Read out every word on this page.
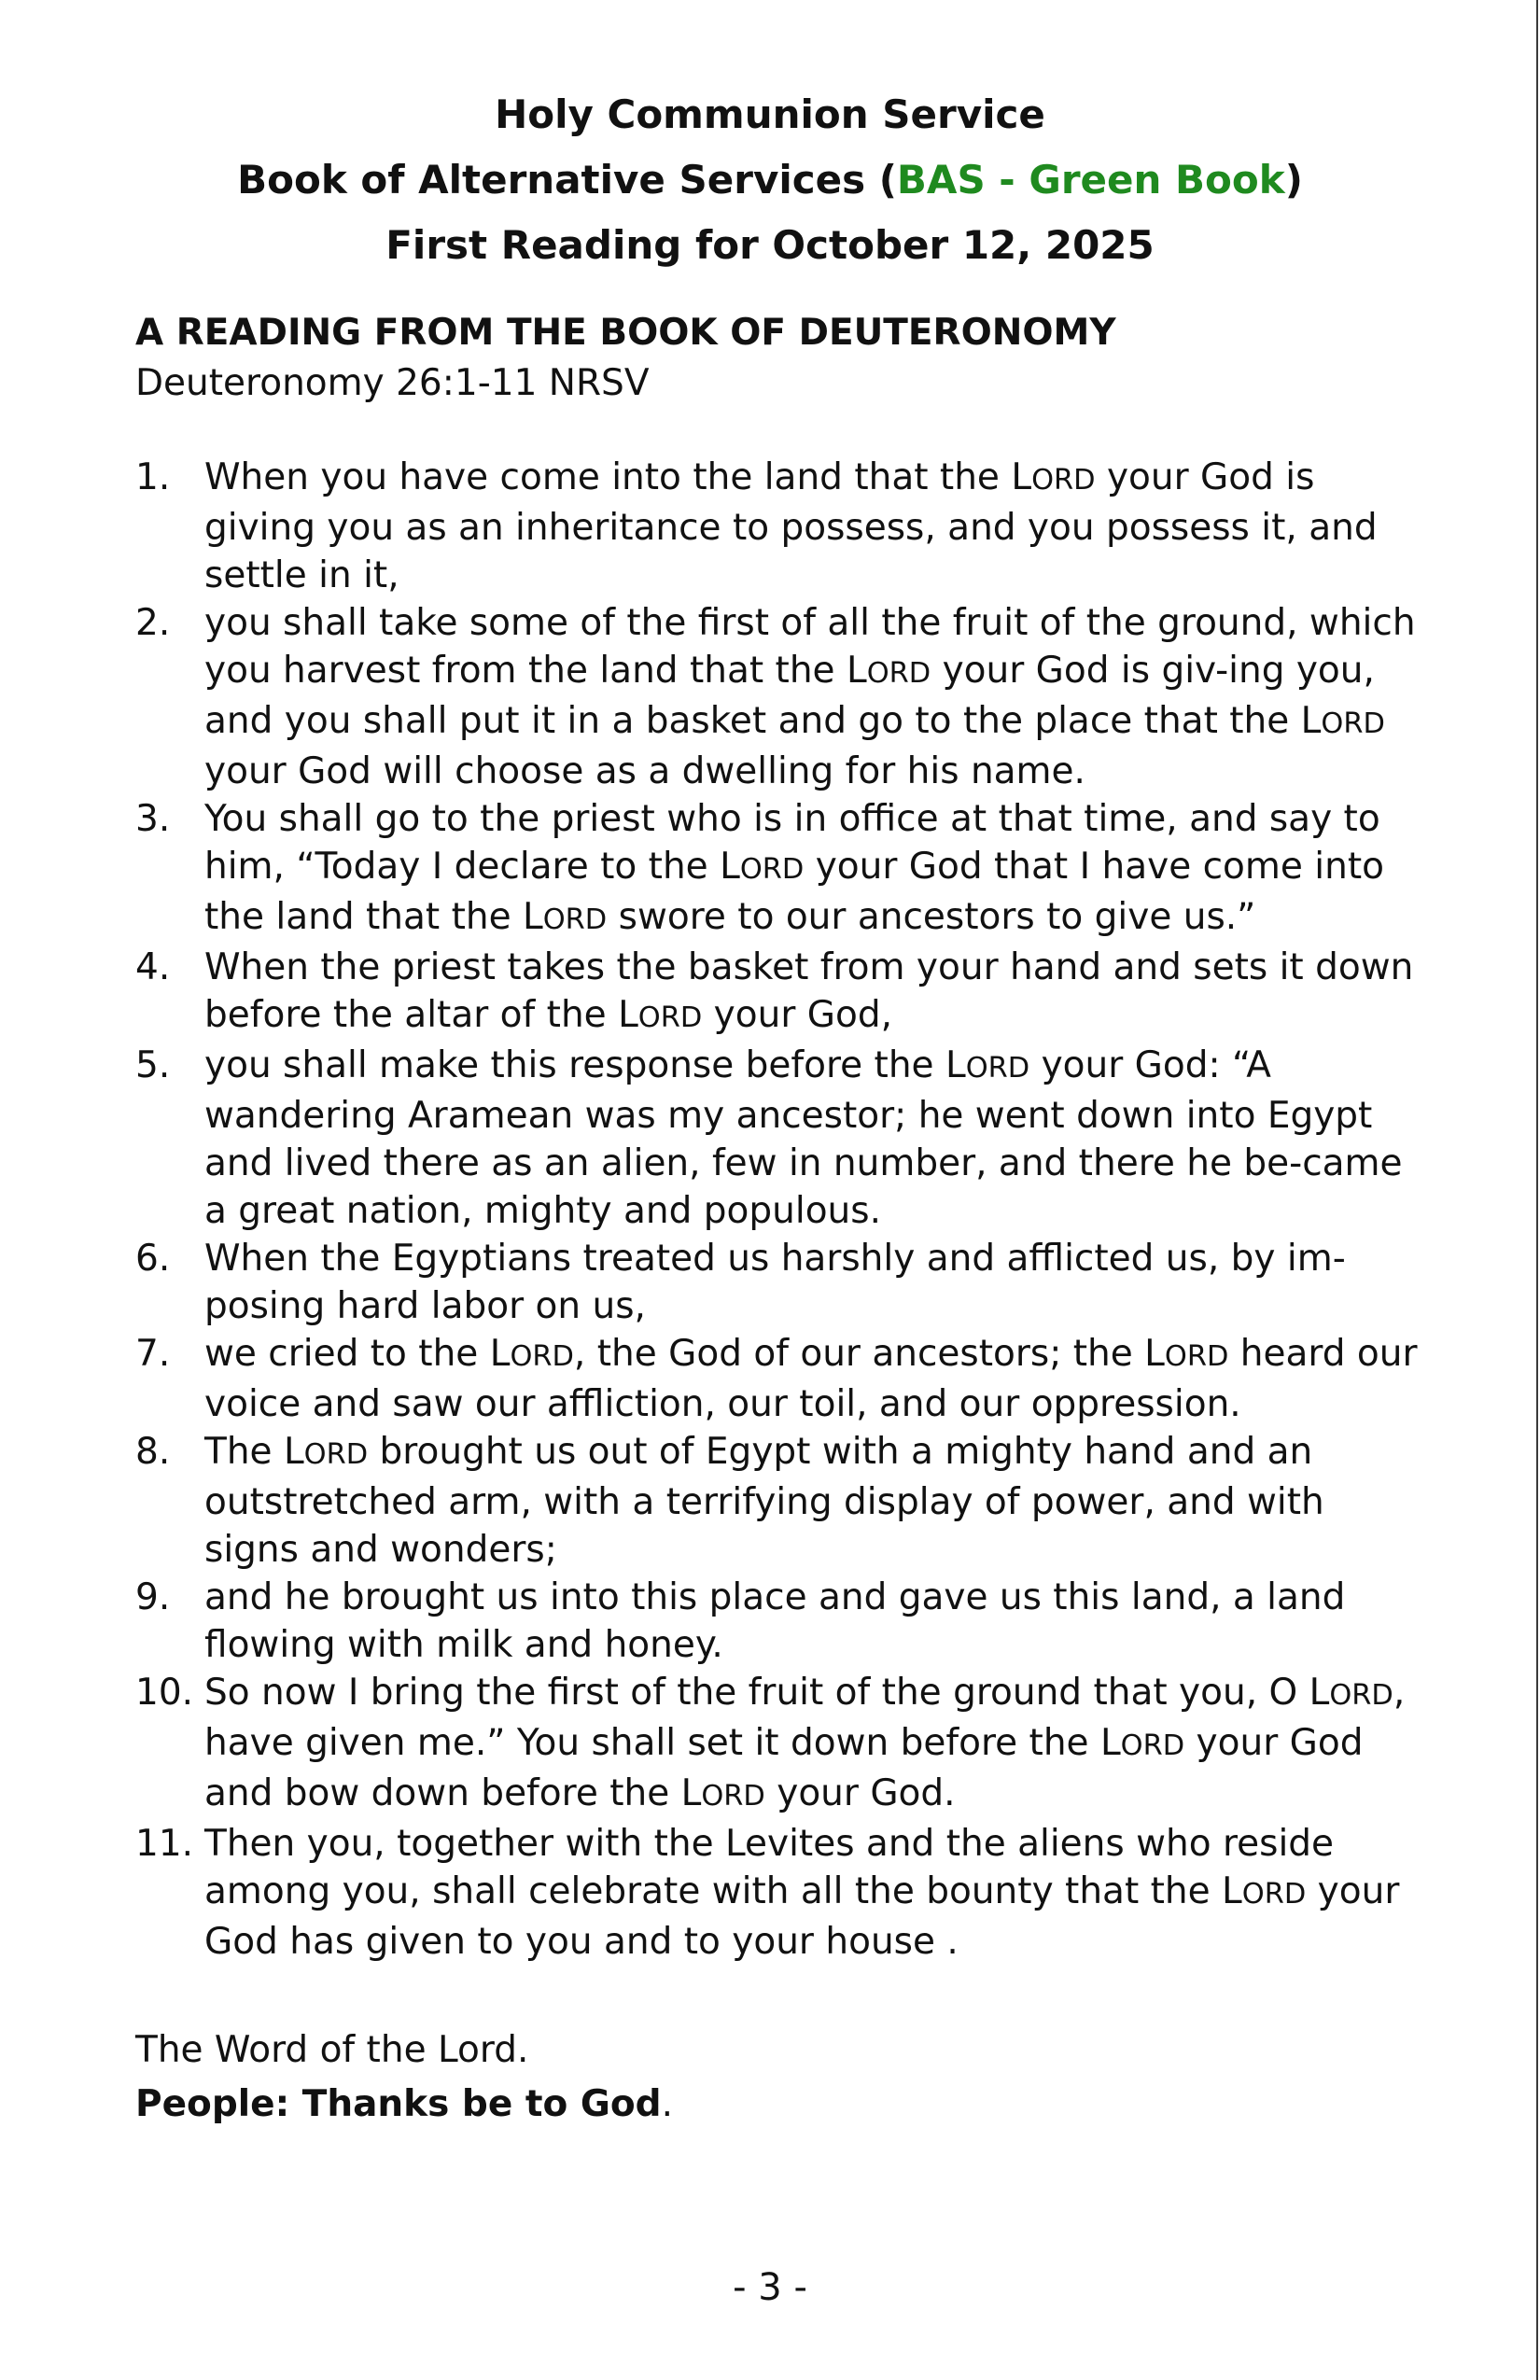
Holy Communion Service
Book of Alternative Services (BAS - Green Book)
First Reading for October 12, 2025
A READING FROM THE BOOK OF DEUTERONOMY
Deuteronomy 26:1-11 NRSV
1. When you have come into the land that the LORD your God is giving you as an inheritance to possess, and you possess it, and settle in it,
2. you shall take some of the first of all the fruit of the ground, which you harvest from the land that the LORD your God is giv-ing you, and you shall put it in a basket and go to the place that the LORD your God will choose as a dwelling for his name.
3. You shall go to the priest who is in office at that time, and say to him, “Today I declare to the LORD your God that I have come into the land that the LORD swore to our ancestors to give us.”
4. When the priest takes the basket from your hand and sets it down before the altar of the LORD your God,
5. you shall make this response before the LORD your God: “A wandering Aramean was my ancestor; he went down into Egypt and lived there as an alien, few in number, and there he be-came a great nation, mighty and populous.
6. When the Egyptians treated us harshly and afflicted us, by im-posing hard labor on us,
7. we cried to the LORD, the God of our ancestors; the LORD heard our voice and saw our affliction, our toil, and our oppression.
8. The LORD brought us out of Egypt with a mighty hand and an outstretched arm, with a terrifying display of power, and with signs and wonders;
9. and he brought us into this place and gave us this land, a land flowing with milk and honey.
10. So now I bring the first of the fruit of the ground that you, O LORD, have given me.” You shall set it down before the LORD your God and bow down before the LORD your God.
11. Then you, together with the Levites and the aliens who reside among you, shall celebrate with all the bounty that the LORD your God has given to you and to your house .
The Word of the Lord.
People: Thanks be to God.
- 3 -
